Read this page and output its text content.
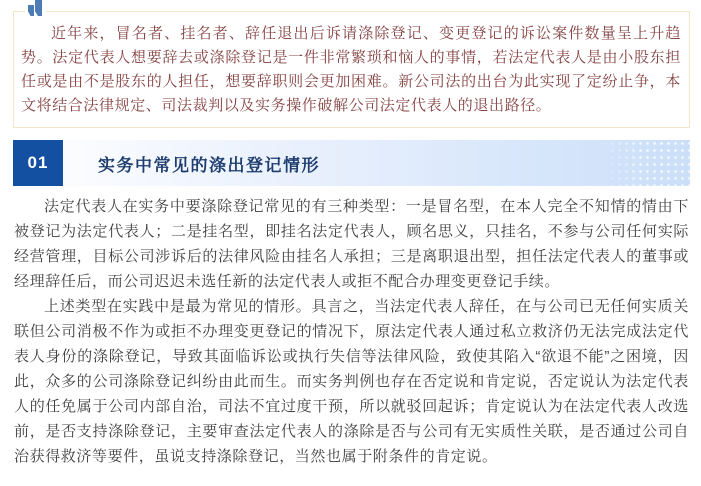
近年来，冒名者、挂名者、辞任退出后诉请涤除登记、变更登记的诉讼案件数量呈上升趋势。法定代表人想要辞去或涤除登记是一件非常繁琐和恼人的事情，若法定代表人是由小股东担任或是由不是股东的人担任，想要辞职则会更加困难。新公司法的出台为此实现了定纷止争，本文将结合法律规定、司法裁判以及实务操作破解公司法定代表人的退出路径。

01	实务中常见的涤出登记情形

法定代表人在实务中要涤除登记常见的有三种类型：一是冒名型，在本人完全不知情的情由下被登记为法定代表人；二是挂名型，即挂名法定代表人，顾名思义，只挂名，不参与公司任何实际经营管理，目标公司涉诉后的法律风险由挂名人承担；三是离职退出型，担任法定代表人的董事或经理辞任后，而公司迟迟未选任新的法定代表人或拒不配合办理变更登记手续。

上述类型在实践中是最为常见的情形。具言之，当法定代表人辞任，在与公司已无任何实质关联但公司消极不作为或拒不办理变更登记的情况下，原法定代表人通过私立救济仍无法完成法定代表人身份的涤除登记，导致其面临诉讼或执行失信等法律风险，致使其陷入“欲退不能”之困境，因此，众多的公司涤除登记纠纷由此而生。而实务判例也存在否定说和肯定说，否定说认为法定代表人的任免属于公司内部自治，司法不宜过度干预，所以就驳回起诉；肯定说认为在法定代表人改选前，是否支持涤除登记，主要审查法定代表人的涤除是否与公司有无实质性关联，是否通过公司自治获得救济等要件，虽说支持涤除登记，当然也属于附条件的肯定说。
